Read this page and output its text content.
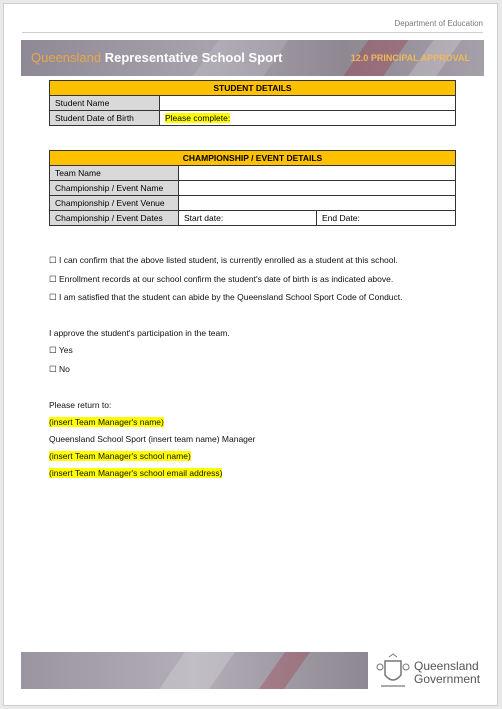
Department of Education
Queensland Representative School Sport	12.0 PRINCIPAL APPROVAL
STUDENT DETAILS	
Student Name	
Student Date of Birth	Please complete:
CHAMPIONSHIP / EVENT DETAILS		
Team Name		
Championship / Event Name		
Championship / Event Venue		
Championship / Event Dates	Start date:	End Date:
☐ I can confirm that the above listed student, is currently enrolled as a student at this school.
☐ Enrollment records at our school confirm the student's date of birth is as indicated above.
☐ I am satisfied that the student can abide by the Queensland School Sport Code of Conduct.
I approve the student's participation in the team.
☐ Yes
☐ No
Please return to:
(insert Team Manager's name)
Queensland School Sport (insert team name) Manager
(insert Team Manager's school name)
(insert Team Manager's school email address)
Queensland
Government
